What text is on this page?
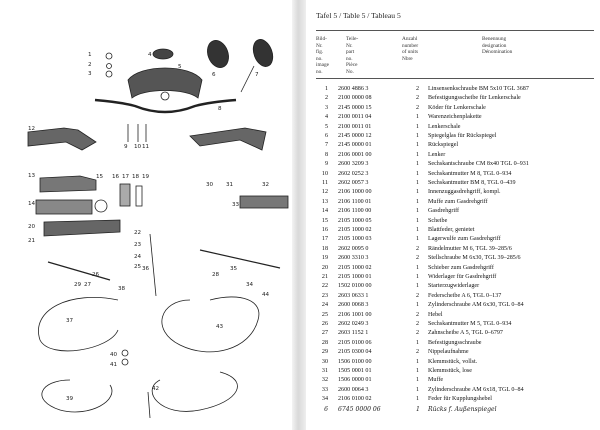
1
2
3
4
5
6	7
8
9 10 11
12
13
14
15 16 17 18 19
20
21
22
23
24
25
26
27
28
29
30 31	32
33
34
35
36
37
38
39
40
41
42
43
44
Tafel 5 / Table 5 / Tableau 5
Bild-
Nr.
fig.
no.
image
no.
Teile-
Nr.
part
no.
Pièce
No.
Anzahl
number
of units
Nbre
Benennung
designation
Dénomination
1 2600 4886 3	2 Linsensenkschraube BM 5x10 TGL 3687
2 2100 0000 08	2 Befestigungsscheibe für Lenkerschale
3 2145 0000 15	2 Köder für Lenkerschale
4 2100 0011 04	1 Warenzeichenplakette
5 2100 0011 01	1 Lenkerschale
6 2145 0000 12	1 Spiegelglas für Rückspiegel
7 2145 0000 01	1 Rückspiegel
8 2106 0001 00	1 Lenker
9 2600 3209 3	1 Sechskantschraube CM 8x40 TGL 0–931
10 2602 0252 3	1 Sechskantmutter M 8, TGL 0–934
11 2602 0057 3	1 Sechskantmutter BM 8, TGL 0–439
12 2106 1000 00	1 Innenzuggasdrehgriff, kompl.
13 2106 1100 01	1 Muffe zum Gasdrehgriff
14 2106 1100 00	1 Gasdrehgriff
15 2105 1000 05	1 Scheibe
16 2105 1000 02	1 Blattfeder, genietet
17 2105 1000 03	1 Lagerwulfe zum Gasdrehgriff
18 2602 0095 0	2 Rändelmutter M 6, TGL 39–285/6
19 2600 3310 3	2 Stellschraube M 6x30, TGL 39–285/6
20 2105 1000 02	1 Schieber zum Gasdrehgriff
21 2105 1000 01	1 Widerlager für Gasdrehgriff
22 1502 0100 00	1 Starterzugwiderlager
23 2603 0633 1	2 Federscheibe A 6, TGL 0–137
24 2600 0068 3	1 Zylinderschraube AM 6x30, TGL 0–84
25 2106 1001 00	2 Hebel
26 2602 0249 3	2 Sechskantmutter M 5, TGL 0–934
27 2603 1152 1	2 Zahnscheibe A 5, TGL 0–6797
28 2105 0100 06	1 Befestigungsschraube
29 2105 0300 04	2 Nippelaufnahme
30 1506 0100 00	1 Klemmstück, vollst.
31 1505 0001 01	1 Klemmstück, lose
32 1506 0000 01	1 Muffe
33 2600 0064 3	1 Zylinderschraube AM 6x18, TGL 0–84
34 2106 0100 02	1 Feder für Kupplungshebel
6 6745 0000 06	1 Rücks f. Außenspiegel
